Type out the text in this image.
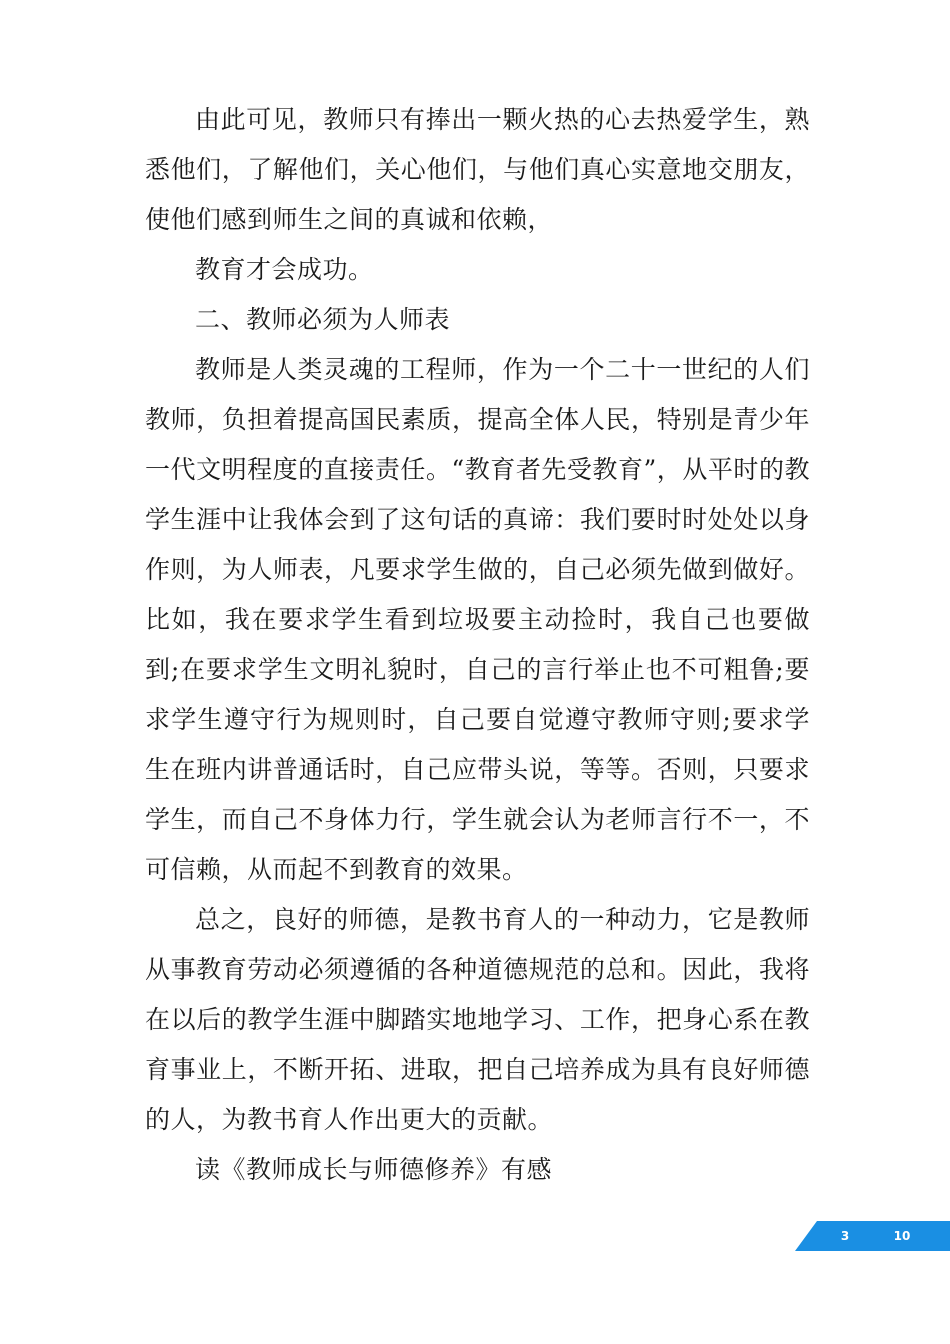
由此可见，教师只有捧出一颗火热的心去热爱学生，熟悉他们，了解他们，关心他们，与他们真心实意地交朋友，使他们感到师生之间的真诚和依赖，

教育才会成功。

二、教师必须为人师表

教师是人类灵魂的工程师，作为一个二十一世纪的人们教师，负担着提高国民素质，提高全体人民，特别是青少年一代文明程度的直接责任。“教育者先受教育”，从平时的教学生涯中让我体会到了这句话的真谛：我们要时时处处以身作则，为人师表，凡要求学生做的，自己必须先做到做好。比如，我在要求学生看到垃圾要主动捡时，我自己也要做到;在要求学生文明礼貌时，自己的言行举止也不可粗鲁;要求学生遵守行为规则时，自己要自觉遵守教师守则;要求学生在班内讲普通话时，自己应带头说，等等。否则，只要求学生，而自己不身体力行，学生就会认为老师言行不一，不可信赖，从而起不到教育的效果。

总之，良好的师德，是教书育人的一种动力，它是教师从事教育劳动必须遵循的各种道德规范的总和。因此，我将在以后的教学生涯中脚踏实地地学习、工作，把身心系在教育事业上，不断开拓、进取，把自己培养成为具有良好师德的人，为教书育人作出更大的贡献。

读《教师成长与师德修养》有感

3	10
